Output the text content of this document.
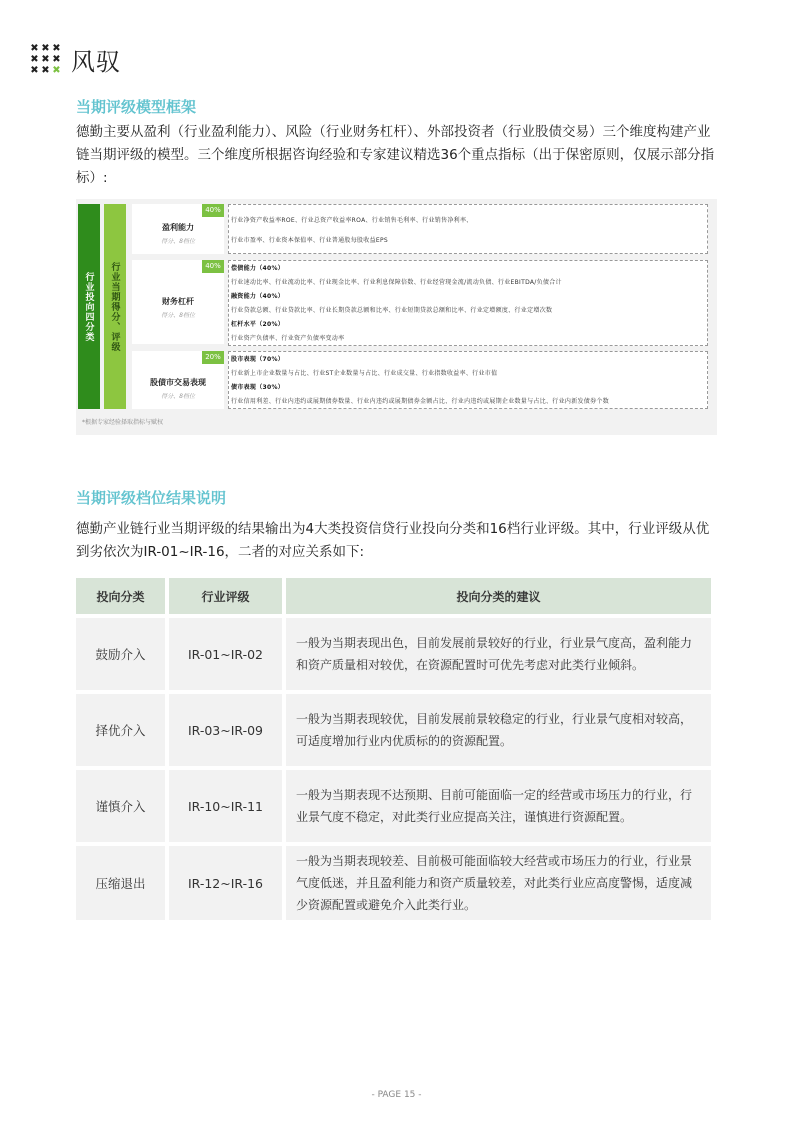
✖ ✖ ✖
✖ ✖ ✖
✖ ✖ ✖ 风驭
当期评级模型框架
德勤主要从盈利（行业盈利能力）、风险（行业财务杠杆）、外部投资者（行业股债交易）三个维度构建产业链当期评级的模型。三个维度所根据咨询经验和专家建议精选36个重点指标（出于保密原则，仅展示部分指标）:
行业投向四分类	行业当期得分、评级
40%
盈利能力
得分、8档位
行业净资产收益率ROE、行业总资产收益率ROA、行业销售毛利率、行业销售净利率、
行业市盈率、行业资本保值率、行业普通股每股收益EPS
40%
财务杠杆
得分、8档位
偿债能力（40%）
行业速动比率、行业流动比率、行业现金比率、行业利息保障倍数、行业经营现金流/流动负债、行业EBITDA/负债合计
融资能力（40%）
行业贷款总额、行业贷款比率、行业长期贷款总额和比率、行业短期贷款总额和比率、行业定增额度、行业定增次数
杠杆水平（20%）
行业资产负债率、行业资产负债率变动率
20%
股债市交易表现
得分、8档位
股市表现（70%）
行业新上市企业数量与占比、行业ST企业数量与占比、行业成交量、行业指数收益率、行业市值
债市表现（30%）
行业信用利差、行业内违约或展期债券数量、行业内违约或展期债券金额占比、行业内违约或展期企业数量与占比、行业内新发债券个数
*根据专家经验择取指标与赋权
当期评级档位结果说明
德勤产业链行业当期评级的结果输出为4大类投资信贷行业投向分类和16档行业评级。其中，行业评级从优到劣依次为IR-01~IR-16，二者的对应关系如下:
投向分类	行业评级	投向分类的建议
鼓励介入	IR-01~IR-02
一般为当期表现出色，目前发展前景较好的行业，行业景气度高，盈利能力和资产质量相对较优，在资源配置时可优先考虑对此类行业倾斜。
择优介入	IR-03~IR-09
一般为当期表现较优，目前发展前景较稳定的行业，行业景气度相对较高，可适度增加行业内优质标的的资源配置。
谨慎介入	IR-10~IR-11
一般为当期表现不达预期、目前可能面临一定的经营或市场压力的行业，行业景气度不稳定，对此类行业应提高关注，谨慎进行资源配置。
压缩退出	IR-12~IR-16
一般为当期表现较差、目前极可能面临较大经营或市场压力的行业，行业景气度低迷，并且盈利能力和资产质量较差，对此类行业应高度警惕，适度减少资源配置或避免介入此类行业。
- PAGE 15 -
